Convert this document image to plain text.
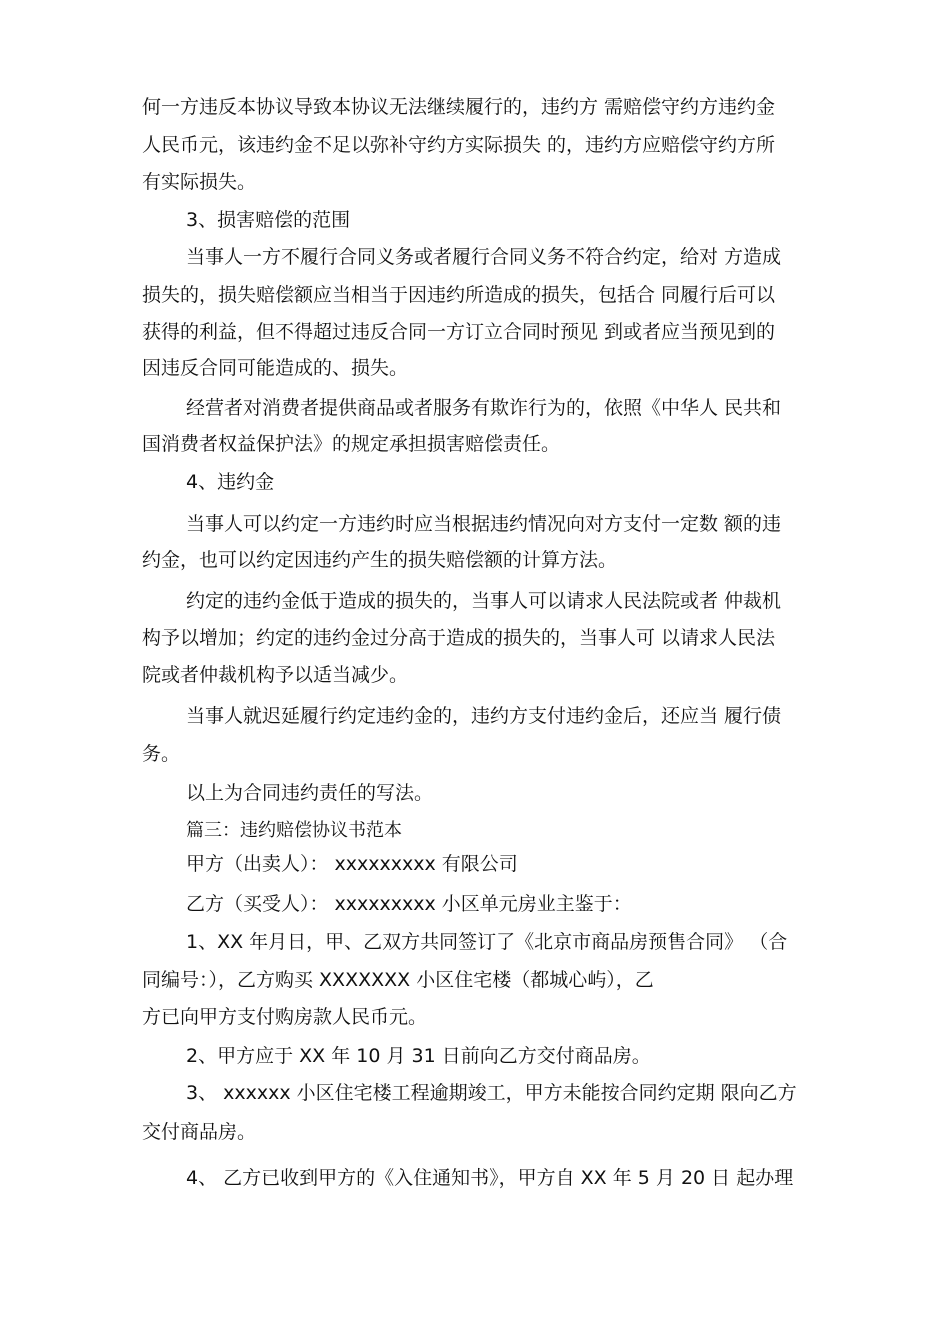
何一方违反本协议导致本协议无法继续履行的，违约方 需赔偿守约方违约金
人民币元，该违约金不足以弥补守约方实际损失 的，违约方应赔偿守约方所
有实际损失。
3、损害赔偿的范围
当事人一方不履行合同义务或者履行合同义务不符合约定，给对 方造成
损失的，损失赔偿额应当相当于因违约所造成的损失，包括合 同履行后可以
获得的利益，但不得超过违反合同一方订立合同时预见 到或者应当预见到的
因违反合同可能造成的、损失。
经营者对消费者提供商品或者服务有欺诈行为的，依照《中华人 民共和
国消费者权益保护法》的规定承担损害赔偿责任。
4、违约金
当事人可以约定一方违约时应当根据违约情况向对方支付一定数 额的违
约金，也可以约定因违约产生的损失赔偿额的计算方法。
约定的违约金低于造成的损失的，当事人可以请求人民法院或者 仲裁机
构予以增加；约定的违约金过分高于造成的损失的，当事人可 以请求人民法
院或者仲裁机构予以适当减少。
当事人就迟延履行约定违约金的，违约方支付违约金后，还应当 履行债
务。
以上为合同违约责任的写法。
篇三：违约赔偿协议书范本
甲方（出卖人）： xxxxxxxxx 有限公司
乙方（买受人）： xxxxxxxxx 小区单元房业主鉴于：
1、XX 年月日，甲、乙双方共同签订了《北京市商品房预售合同》 （合
同编号：），乙方购买 XXXXXXX 小区住宅楼（都城心屿），乙
方已向甲方支付购房款人民币元。
2、甲方应于 XX 年 10 月 31 日前向乙方交付商品房。
3、 xxxxxx 小区住宅楼工程逾期竣工，甲方未能按合同约定期 限向乙方
交付商品房。
4、 乙方已收到甲方的《入住通知书》，甲方自 XX 年 5 月 20 日 起办理
